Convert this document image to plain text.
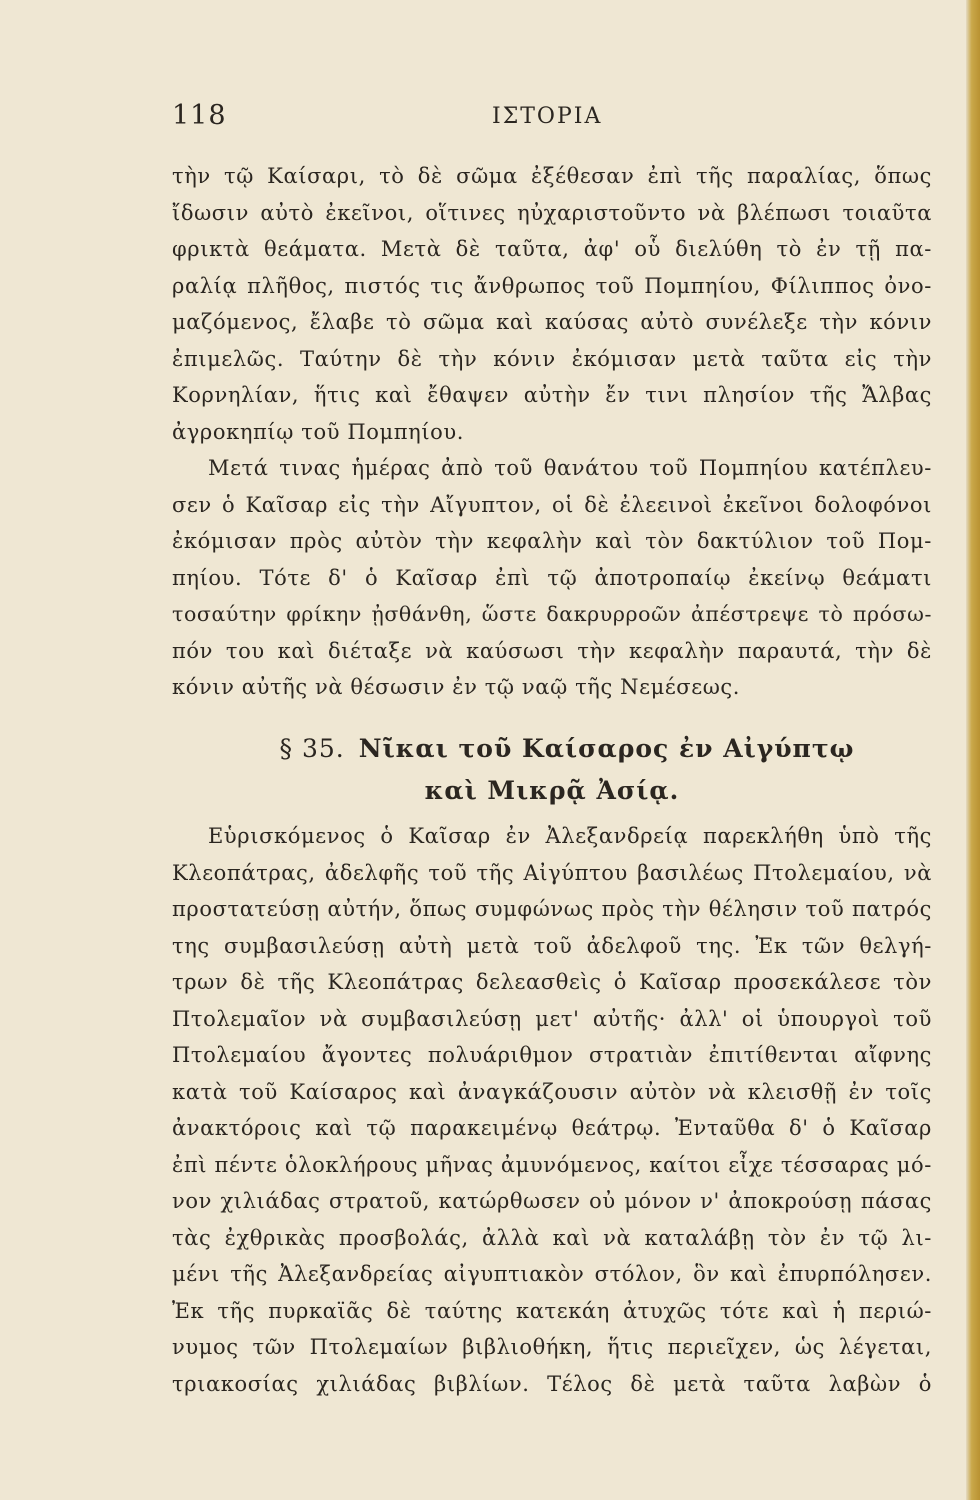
118	ΙΣΤΟΡΙΑ
τὴν τῷ Καίσαρι, τὸ δὲ σῶμα ἐξέθεσαν ἐπὶ τῆς παραλίας, ὅπως
ἴδωσιν αὐτὸ ἐκεῖνοι, οἵτινες ηὐχαριστοῦντο νὰ βλέπωσι τοιαῦτα
φρικτὰ θεάματα. Μετὰ δὲ ταῦτα, ἀφ' οὗ διελύθη τὸ ἐν τῇ πα-
ραλίᾳ πλῆθος, πιστός τις ἄνθρωπος τοῦ Πομπηίου, Φίλιππος ὀνο-
μαζόμενος, ἔλαβε τὸ σῶμα καὶ καύσας αὐτὸ συνέλεξε τὴν κόνιν
ἐπιμελῶς. Ταύτην δὲ τὴν κόνιν ἐκόμισαν μετὰ ταῦτα εἰς τὴν
Κορνηλίαν, ἥτις καὶ ἔθαψεν αὐτὴν ἔν τινι πλησίον τῆς Ἄλβας
ἀγροκηπίῳ τοῦ Πομπηίου.
Μετά τινας ἡμέρας ἀπὸ τοῦ θανάτου τοῦ Πομπηίου κατέπλευ-
σεν ὁ Καῖσαρ εἰς τὴν Αἴγυπτον, οἱ δὲ ἐλεεινοὶ ἐκεῖνοι δολοφόνοι
ἐκόμισαν πρὸς αὐτὸν τὴν κεφαλὴν καὶ τὸν δακτύλιον τοῦ Πομ-
πηίου. Τότε δ' ὁ Καῖσαρ ἐπὶ τῷ ἀποτροπαίῳ ἐκείνῳ θεάματι
τοσαύτην φρίκην ᾐσθάνθη, ὥστε δακρυρροῶν ἀπέστρεψε τὸ πρόσω-
πόν του καὶ διέταξε νὰ καύσωσι τὴν κεφαλὴν παραυτά, τὴν δὲ
κόνιν αὐτῆς νὰ θέσωσιν ἐν τῷ ναῷ τῆς Νεμέσεως.
§ 35. Νῖκαι τοῦ Καίσαρος ἐν Αἰγύπτῳ
καὶ Μικρᾷ Ἀσίᾳ.
Εὑρισκόμενος ὁ Καῖσαρ ἐν Ἀλεξανδρείᾳ παρεκλήθη ὑπὸ τῆς
Κλεοπάτρας, ἀδελφῆς τοῦ τῆς Αἰγύπτου βασιλέως Πτολεμαίου, νὰ
προστατεύσῃ αὐτήν, ὅπως συμφώνως πρὸς τὴν θέλησιν τοῦ πατρός
της συμβασιλεύσῃ αὐτὴ μετὰ τοῦ ἀδελφοῦ της. Ἐκ τῶν θελγή-
τρων δὲ τῆς Κλεοπάτρας δελεασθεὶς ὁ Καῖσαρ προσεκάλεσε τὸν
Πτολεμαῖον νὰ συμβασιλεύσῃ μετ' αὐτῆς· ἀλλ' οἱ ὑπουργοὶ τοῦ
Πτολεμαίου ἄγοντες πολυάριθμον στρατιὰν ἐπιτίθενται αἴφνης
κατὰ τοῦ Καίσαρος καὶ ἀναγκάζουσιν αὐτὸν νὰ κλεισθῇ ἐν τοῖς
ἀνακτόροις καὶ τῷ παρακειμένῳ θεάτρῳ. Ἐνταῦθα δ' ὁ Καῖσαρ
ἐπὶ πέντε ὁλοκλήρους μῆνας ἀμυνόμενος, καίτοι εἶχε τέσσαρας μό-
νον χιλιάδας στρατοῦ, κατώρθωσεν οὐ μόνον ν' ἀποκρούσῃ πάσας
τὰς ἐχθρικὰς προσβολάς, ἀλλὰ καὶ νὰ καταλάβῃ τὸν ἐν τῷ λι-
μένι τῆς Ἀλεξανδρείας αἰγυπτιακὸν στόλον, ὃν καὶ ἐπυρπόλησεν.
Ἐκ τῆς πυρκαϊᾶς δὲ ταύτης κατεκάη ἀτυχῶς τότε καὶ ἡ περιώ-
νυμος τῶν Πτολεμαίων βιβλιοθήκη, ἥτις περιεῖχεν, ὡς λέγεται,
τριακοσίας χιλιάδας βιβλίων. Τέλος δὲ μετὰ ταῦτα λαβὼν ὁ
